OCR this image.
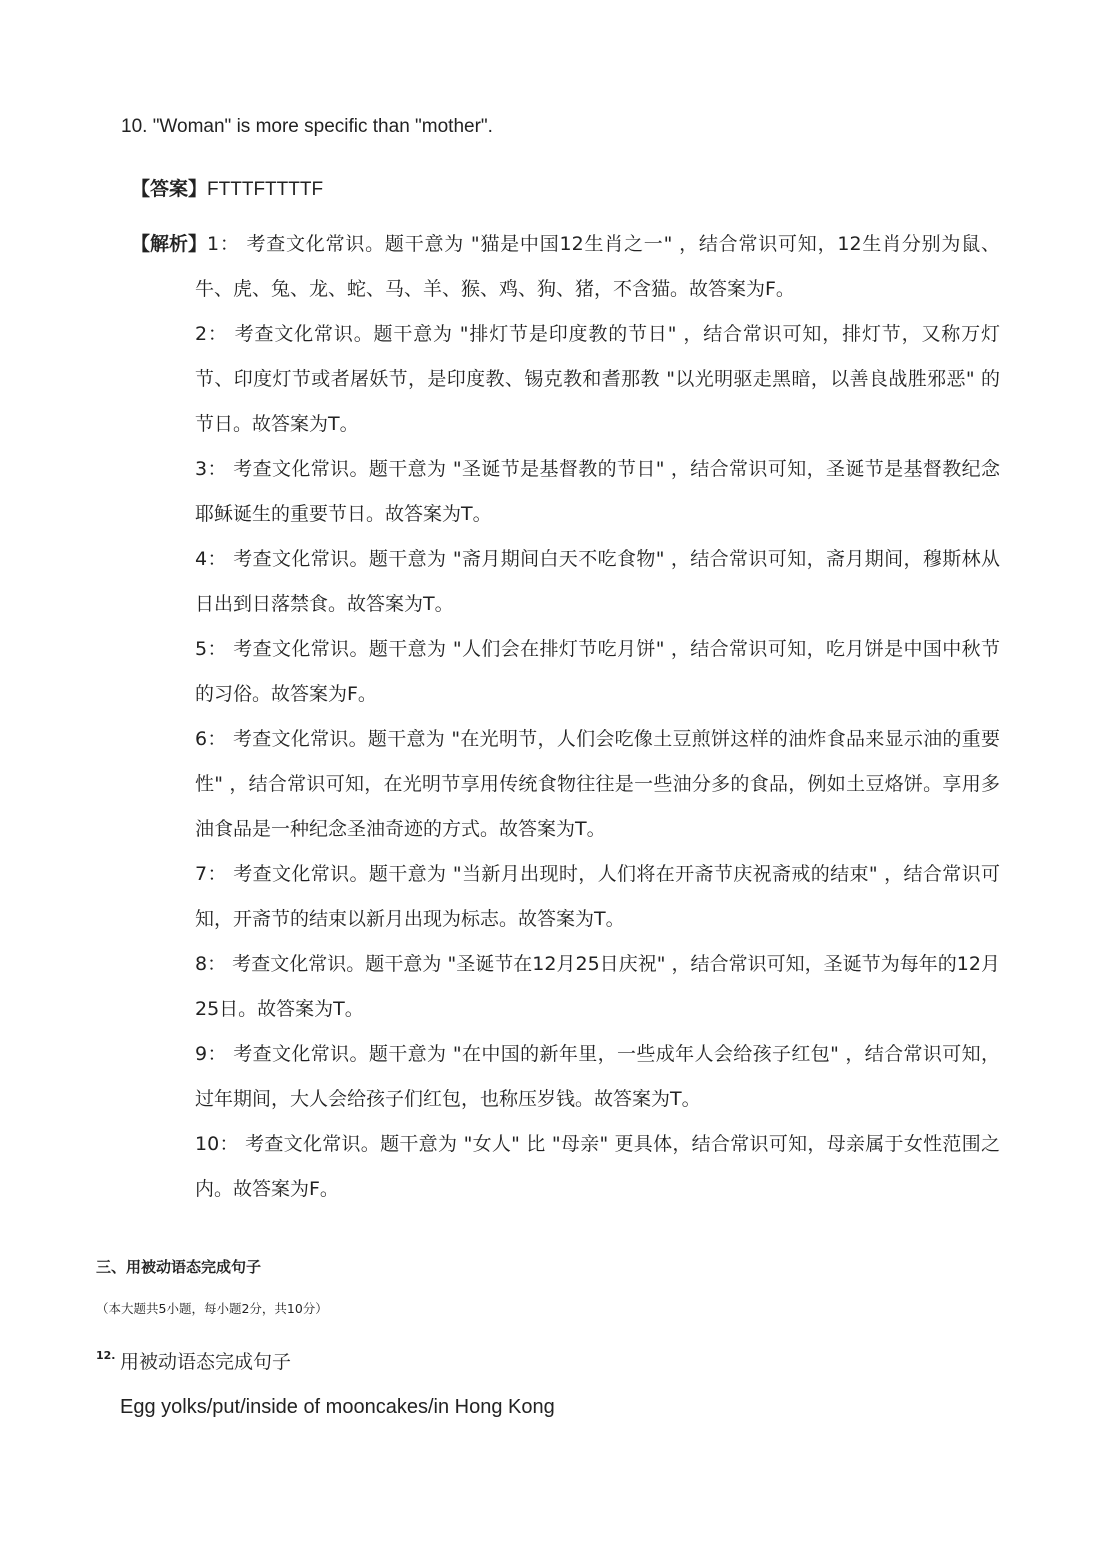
10. "Woman" is more specific than "mother".
【答案】FTTTFTTTTF
【解析】 1： 考查文化常识。题干意为 "猫是中国12生肖之一" ，结合常识可知，12生肖分别为鼠、牛、虎、兔、龙、蛇、马、羊、猴、鸡、狗、猪，不含猫。故答案为F。
2： 考查文化常识。题干意为 "排灯节是印度教的节日" ，结合常识可知，排灯节，又称万灯节、印度灯节或者屠妖节，是印度教、锡克教和耆那教 "以光明驱走黑暗，以善良战胜邪恶" 的节日。故答案为T。
3： 考查文化常识。题干意为 "圣诞节是基督教的节日" ，结合常识可知，圣诞节是基督教纪念耶稣诞生的重要节日。故答案为T。
4： 考查文化常识。题干意为 "斋月期间白天不吃食物" ，结合常识可知，斋月期间，穆斯林从日出到日落禁食。故答案为T。
5： 考查文化常识。题干意为 "人们会在排灯节吃月饼" ，结合常识可知，吃月饼是中国中秋节的习俗。故答案为F。
6： 考查文化常识。题干意为 "在光明节，人们会吃像土豆煎饼这样的油炸食品来显示油的重要性" ，结合常识可知，在光明节享用传统食物往往是一些油分多的食品，例如土豆烙饼。享用多油食品是一种纪念圣油奇迹的方式。故答案为T。
7： 考查文化常识。题干意为 "当新月出现时，人们将在开斋节庆祝斋戒的结束" ，结合常识可知，开斋节的结束以新月出现为标志。故答案为T。
8： 考查文化常识。题干意为 "圣诞节在12月25日庆祝" ，结合常识可知，圣诞节为每年的12月25日。故答案为T。
9： 考查文化常识。题干意为 "在中国的新年里，一些成年人会给孩子红包" ，结合常识可知，过年期间，大人会给孩子们红包，也称压岁钱。故答案为T。
10： 考查文化常识。题干意为 "女人" 比 "母亲" 更具体，结合常识可知，母亲属于女性范围之内。故答案为F。
三、用被动语态完成句子
（本大题共5小题，每小题2分，共10分）
12. 用被动语态完成句子
Egg yolks/put/inside of mooncakes/in Hong Kong
